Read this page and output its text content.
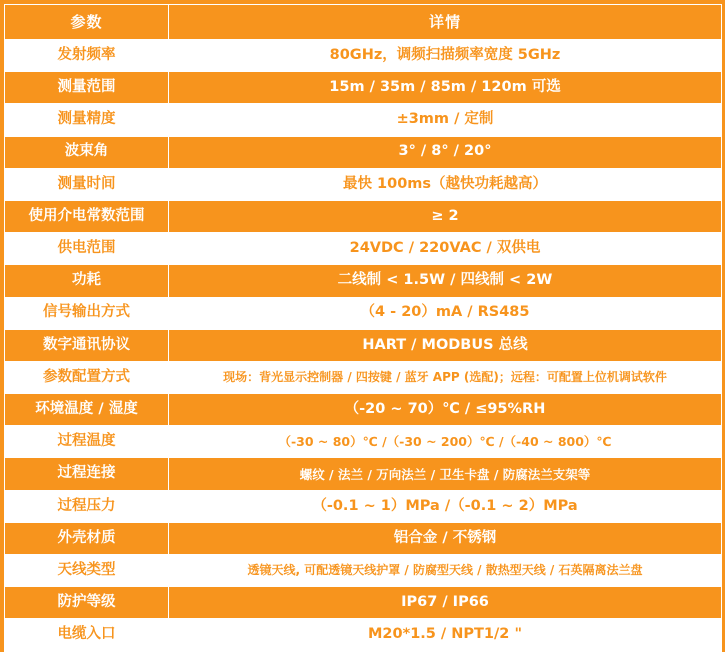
参数	详情
发射频率	80GHz，调频扫描频率宽度 5GHz
测量范围	15m / 35m / 85m / 120m 可选
测量精度	±3mm / 定制
波束角	3° / 8° / 20°
测量时间	最快 100ms（越快功耗越高）
使用介电常数范围	≥ 2
供电范围	24VDC / 220VAC / 双供电
功耗	二线制 < 1.5W / 四线制 < 2W
信号输出方式	（4 - 20）mA / RS485
数字通讯协议	HART / MODBUS 总线
参数配置方式	现场：背光显示控制器 / 四按键 / 蓝牙 APP (选配)；远程：可配置上位机调试软件
环境温度 / 湿度	（-20 ~ 70）℃ / ≤95%RH
过程温度	（-30 ~ 80）℃ /（-30 ~ 200）℃ /（-40 ~ 800）℃
过程连接	螺纹 / 法兰 / 万向法兰 / 卫生卡盘 / 防腐法兰支架等
过程压力	（-0.1 ~ 1）MPa /（-0.1 ~ 2）MPa
外壳材质	铝合金 / 不锈钢
天线类型	透镜天线, 可配透镜天线护罩 / 防腐型天线 / 散热型天线 / 石英隔离法兰盘
防护等级	IP67 / IP66
电缆入口	M20*1.5 / NPT1/2 "
